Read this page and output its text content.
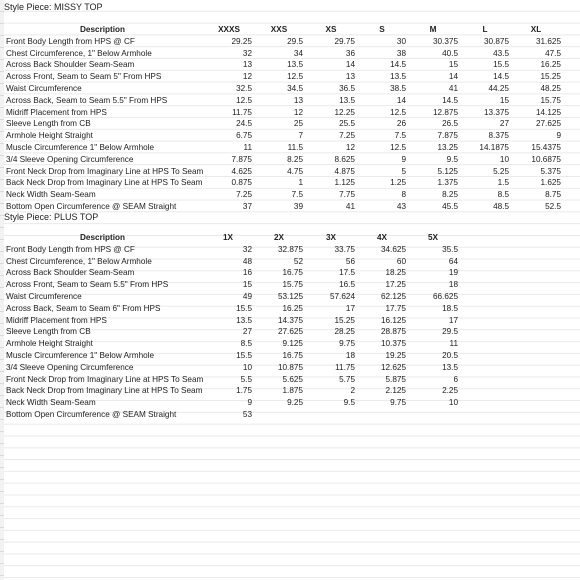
Style Piece: MISSY TOP
Description	XXXS	XXS	XS	S	M	L	XL
Front Body Length from HPS @ CF	29.25	29.5	29.75	30	30.375	30.875	31.625
Chest Circumference, 1" Below Armhole	32	34	36	38	40.5	43.5	47.5
Across Back Shoulder Seam-Seam	13	13.5	14	14.5	15	15.5	16.25
Across Front, Seam to Seam 5" From HPS	12	12.5	13	13.5	14	14.5	15.25
Waist Circumference	32.5	34.5	36.5	38.5	41	44.25	48.25
Across Back, Seam to Seam 5.5" From HPS	12.5	13	13.5	14	14.5	15	15.75
Midriff Placement from HPS	11.75	12	12.25	12.5	12.875	13.375	14.125
Sleeve Length from CB	24.5	25	25.5	26	26.5	27	27.625
Armhole Height Straight	6.75	7	7.25	7.5	7.875	8.375	9
Muscle Circumference 1" Below Armhole	11	11.5	12	12.5	13.25	14.1875	15.4375
3/4 Sleeve Opening Circumference	7.875	8.25	8.625	9	9.5	10	10.6875
Front Neck Drop from Imaginary Line at HPS To Seam	4.625	4.75	4.875	5	5.125	5.25	5.375
Back Neck Drop from Imaginary Line at HPS To Seam	0.875	1	1.125	1.25	1.375	1.5	1.625
Neck Width Seam-Seam	7.25	7.5	7.75	8	8.25	8.5	8.75
Bottom Open Circumference @ SEAM Straight	37	39	41	43	45.5	48.5	52.5
Style Piece: PLUS TOP
Description	1X	2X	3X	4X	5X
Front Body Length from HPS @ CF	32	32.875	33.75	34.625	35.5
Chest Circumference, 1" Below Armhole	48	52	56	60	64
Across Back Shoulder Seam-Seam	16	16.75	17.5	18.25	19
Across Front, Seam to Seam 5.5" From HPS	15	15.75	16.5	17.25	18
Waist Circumference	49	53.125	57.624	62.125	66.625
Across Back, Seam to Seam 6" From HPS	15.5	16.25	17	17.75	18.5
Midriff Placement from HPS	13.5	14.375	15.25	16.125	17
Sleeve Length from CB	27	27.625	28.25	28.875	29.5
Armhole Height Straight	8.5	9.125	9.75	10.375	11
Muscle Circumference 1" Below Armhole	15.5	16.75	18	19.25	20.5
3/4 Sleeve Opening Circumference	10	10.875	11.75	12.625	13.5
Front Neck Drop from Imaginary Line at HPS To Seam	5.5	5.625	5.75	5.875	6
Back Neck Drop from Imaginary Line at HPS To Seam	1.75	1.875	2	2.125	2.25
Neck Width Seam-Seam	9	9.25	9.5	9.75	10
Bottom Open Circumference @ SEAM Straight	53
